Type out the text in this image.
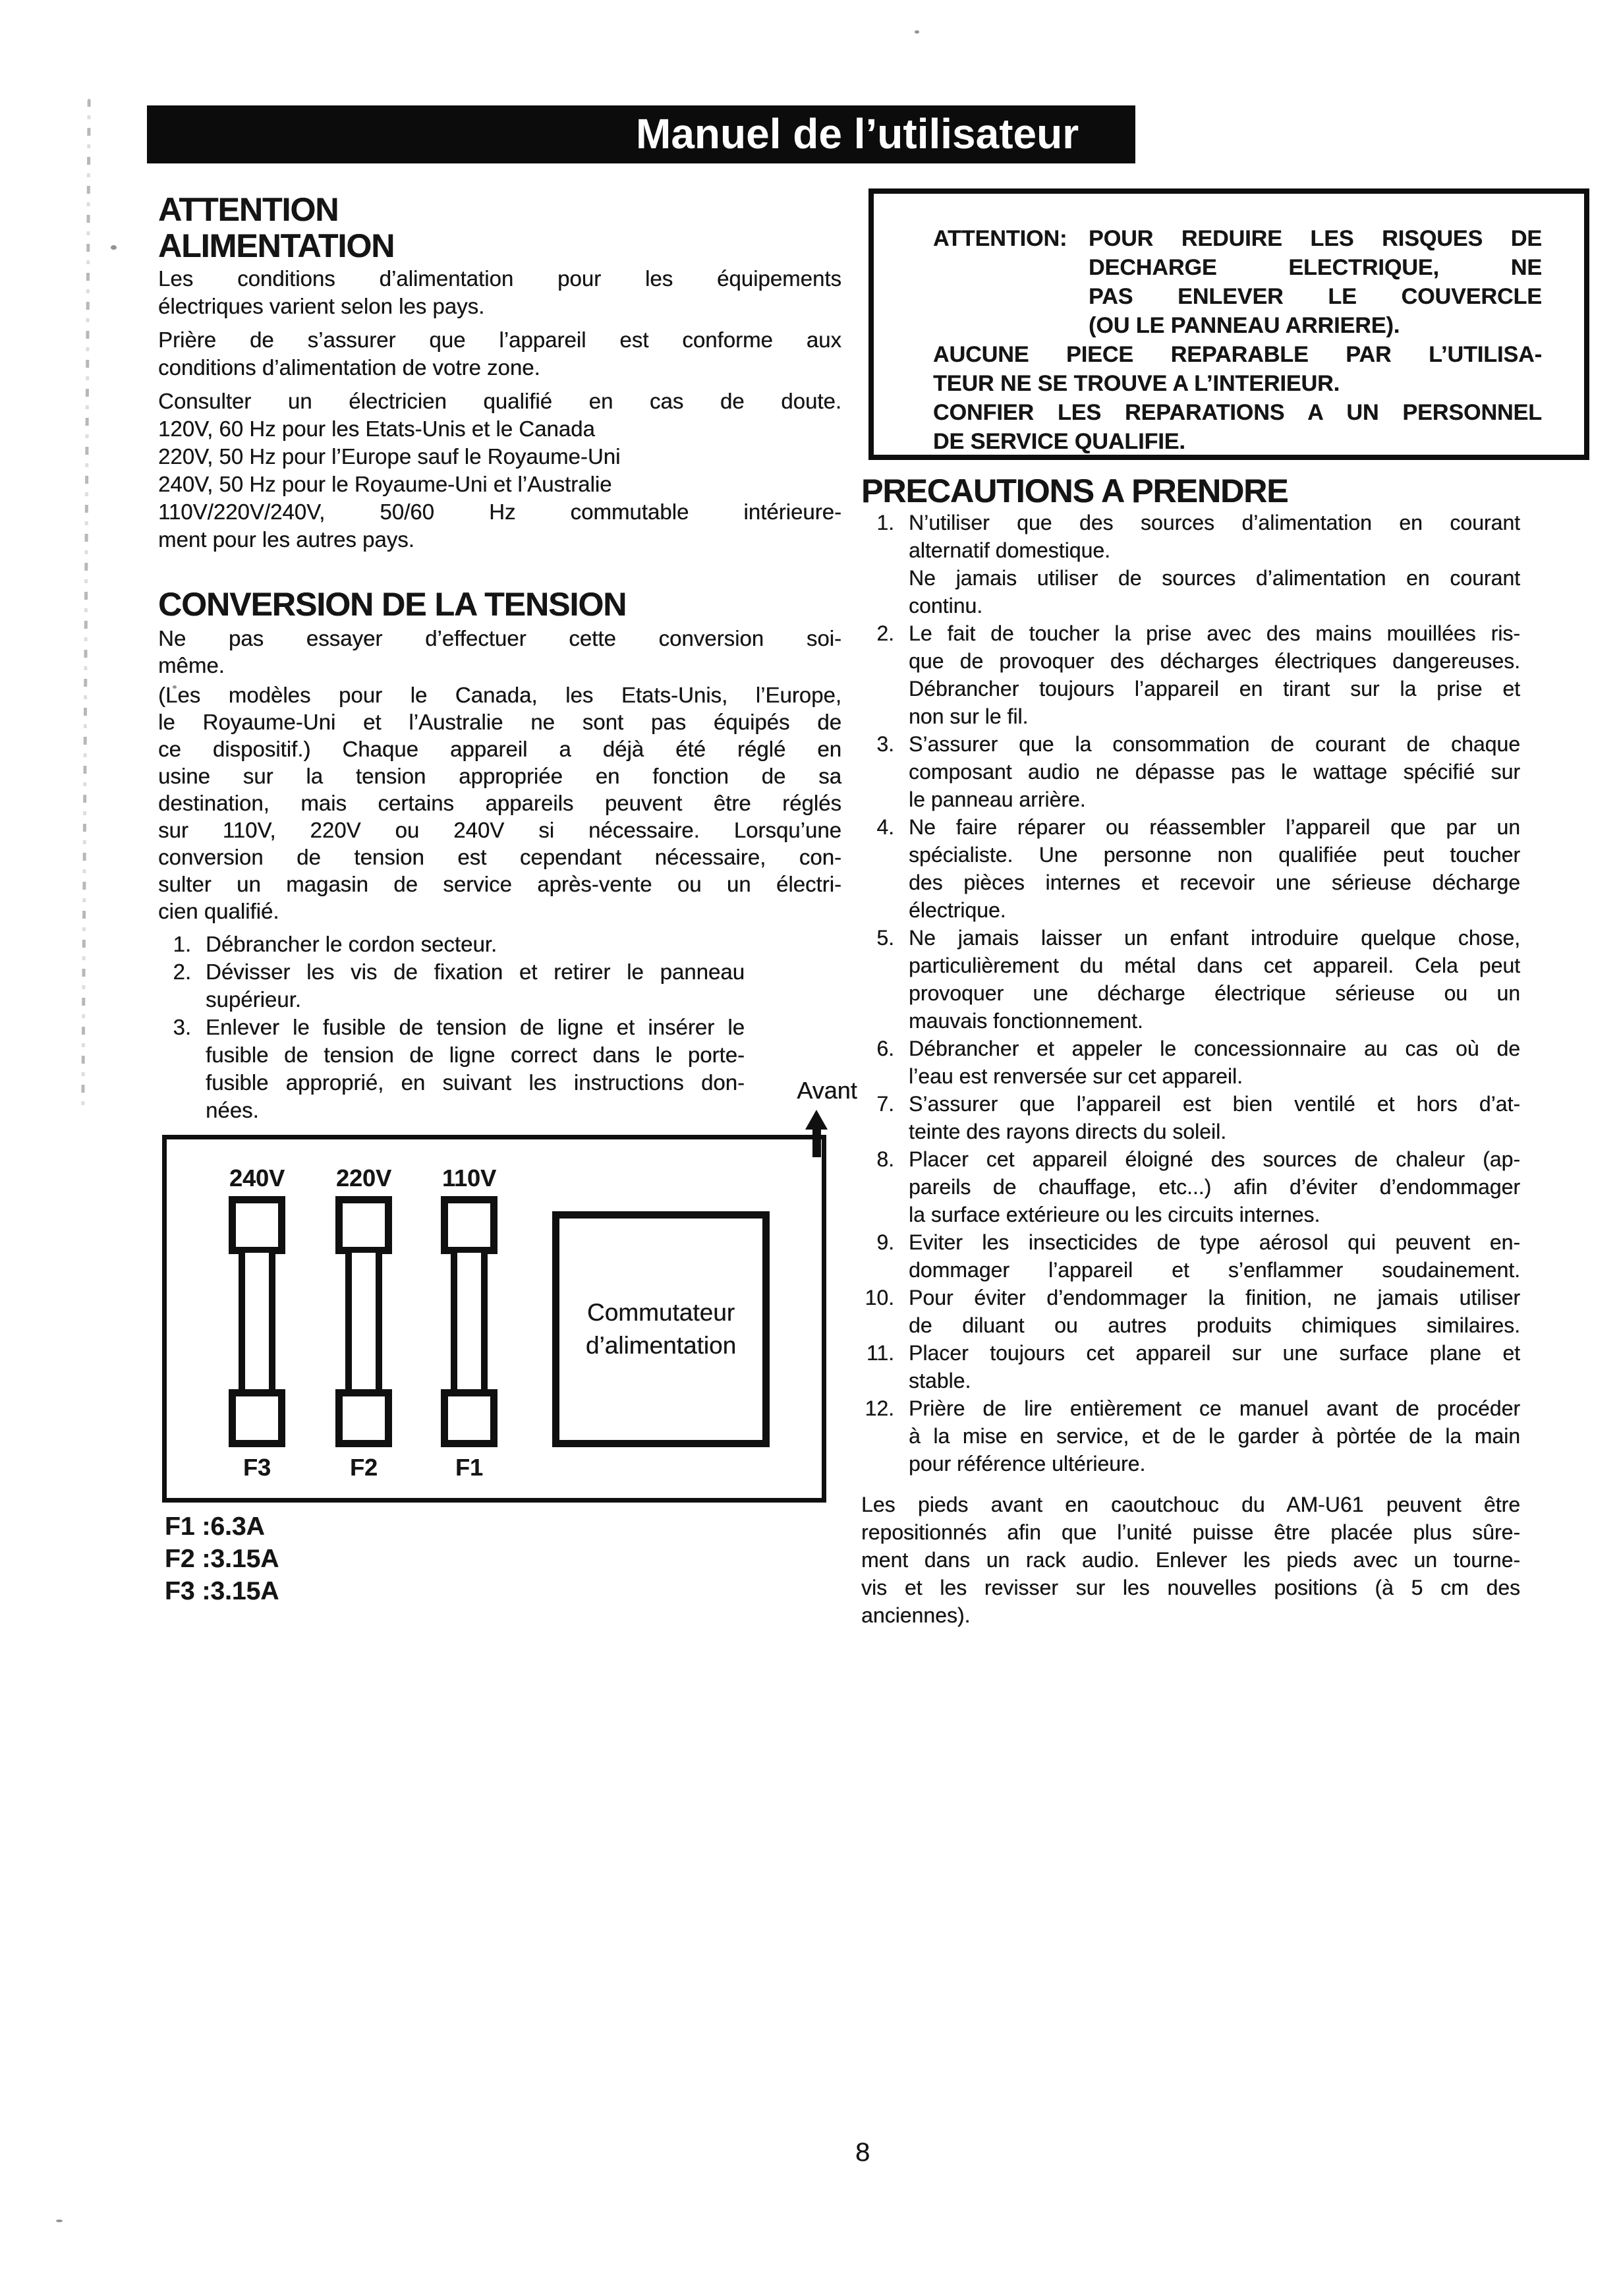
Manuel de l’utilisateur
ATTENTION
ALIMENTATION
Les conditions d’alimentation pour les équipements
électriques varient selon les pays.
Prière de s’assurer que l’appareil est conforme aux
conditions d’alimentation de votre zone.
Consulter un électricien qualifié en cas de doute.
120V, 60 Hz pour les Etats-Unis et le Canada
220V, 50 Hz pour l’Europe sauf le Royaume-Uni
240V, 50 Hz pour le Royaume-Uni et l’Australie
110V/220V/240V, 50/60 Hz commutable intérieure-
ment pour les autres pays.
CONVERSION DE LA TENSION
Ne pas essayer d’effectuer cette conversion soi-
même.
(Les modèles pour le Canada, les Etats-Unis, l’Europe,
le Royaume-Uni et l’Australie ne sont pas équipés de
ce dispositif.) Chaque appareil a déjà été réglé en
usine sur la tension appropriée en fonction de sa
destination, mais certains appareils peuvent être réglés
sur 110V, 220V ou 240V si nécessaire. Lorsqu’une
conversion de tension est cependant nécessaire, con-
sulter un magasin de service après-vente ou un électri-
cien qualifié.
1. Débrancher le cordon secteur.
2. Dévisser les vis de fixation et retirer le panneau
supérieur.
3. Enlever le fusible de tension de ligne et insérer le
fusible de tension de ligne correct dans le porte-
fusible approprié, en suivant les instructions don-
nées.
Avant
240V
F3
220V
F2
110V
F1
Commutateur
d’alimentation
F1 :6.3A
F2 :3.15A
F3 :3.15A
ATTENTION: POUR REDUIRE LES RISQUES DE
DECHARGE ELECTRIQUE, NE
PAS ENLEVER LE COUVERCLE
(OU LE PANNEAU ARRIERE).
AUCUNE PIECE REPARABLE PAR L’UTILISA-
TEUR NE SE TROUVE A L’INTERIEUR.
CONFIER LES REPARATIONS A UN PERSONNEL
DE SERVICE QUALIFIE.
PRECAUTIONS A PRENDRE
1. N’utiliser que des sources d’alimentation en courant
alternatif domestique.
Ne jamais utiliser de sources d’alimentation en courant
continu.
2. Le fait de toucher la prise avec des mains mouillées ris-
que de provoquer des décharges électriques dangereuses.
Débrancher toujours l’appareil en tirant sur la prise et
non sur le fil.
3. S’assurer que la consommation de courant de chaque
composant audio ne dépasse pas le wattage spécifié sur
le panneau arrière.
4. Ne faire réparer ou réassembler l’appareil que par un
spécialiste. Une personne non qualifiée peut toucher
des pièces internes et recevoir une sérieuse décharge
électrique.
5. Ne jamais laisser un enfant introduire quelque chose,
particulièrement du métal dans cet appareil. Cela peut
provoquer une décharge électrique sérieuse ou un
mauvais fonctionnement.
6. Débrancher et appeler le concessionnaire au cas où de
l’eau est renversée sur cet appareil.
7. S’assurer que l’appareil est bien ventilé et hors d’at-
teinte des rayons directs du soleil.
8. Placer cet appareil éloigné des sources de chaleur (ap-
pareils de chauffage, etc...) afin d’éviter d’endommager
la surface extérieure ou les circuits internes.
9. Eviter les insecticides de type aérosol qui peuvent en-
dommager l’appareil et s’enflammer soudainement.
10. Pour éviter d’endommager la finition, ne jamais utiliser
de diluant ou autres produits chimiques similaires.
11. Placer toujours cet appareil sur une surface plane et
stable.
12. Prière de lire entièrement ce manuel avant de procéder
à la mise en service, et de le garder à pòrtée de la main
pour référence ultérieure.
Les pieds avant en caoutchouc du AM-U61 peuvent être
repositionnés afin que l’unité puisse être placée plus sûre-
ment dans un rack audio. Enlever les pieds avec un tourne-
vis et les revisser sur les nouvelles positions (à 5 cm des
anciennes).
8
